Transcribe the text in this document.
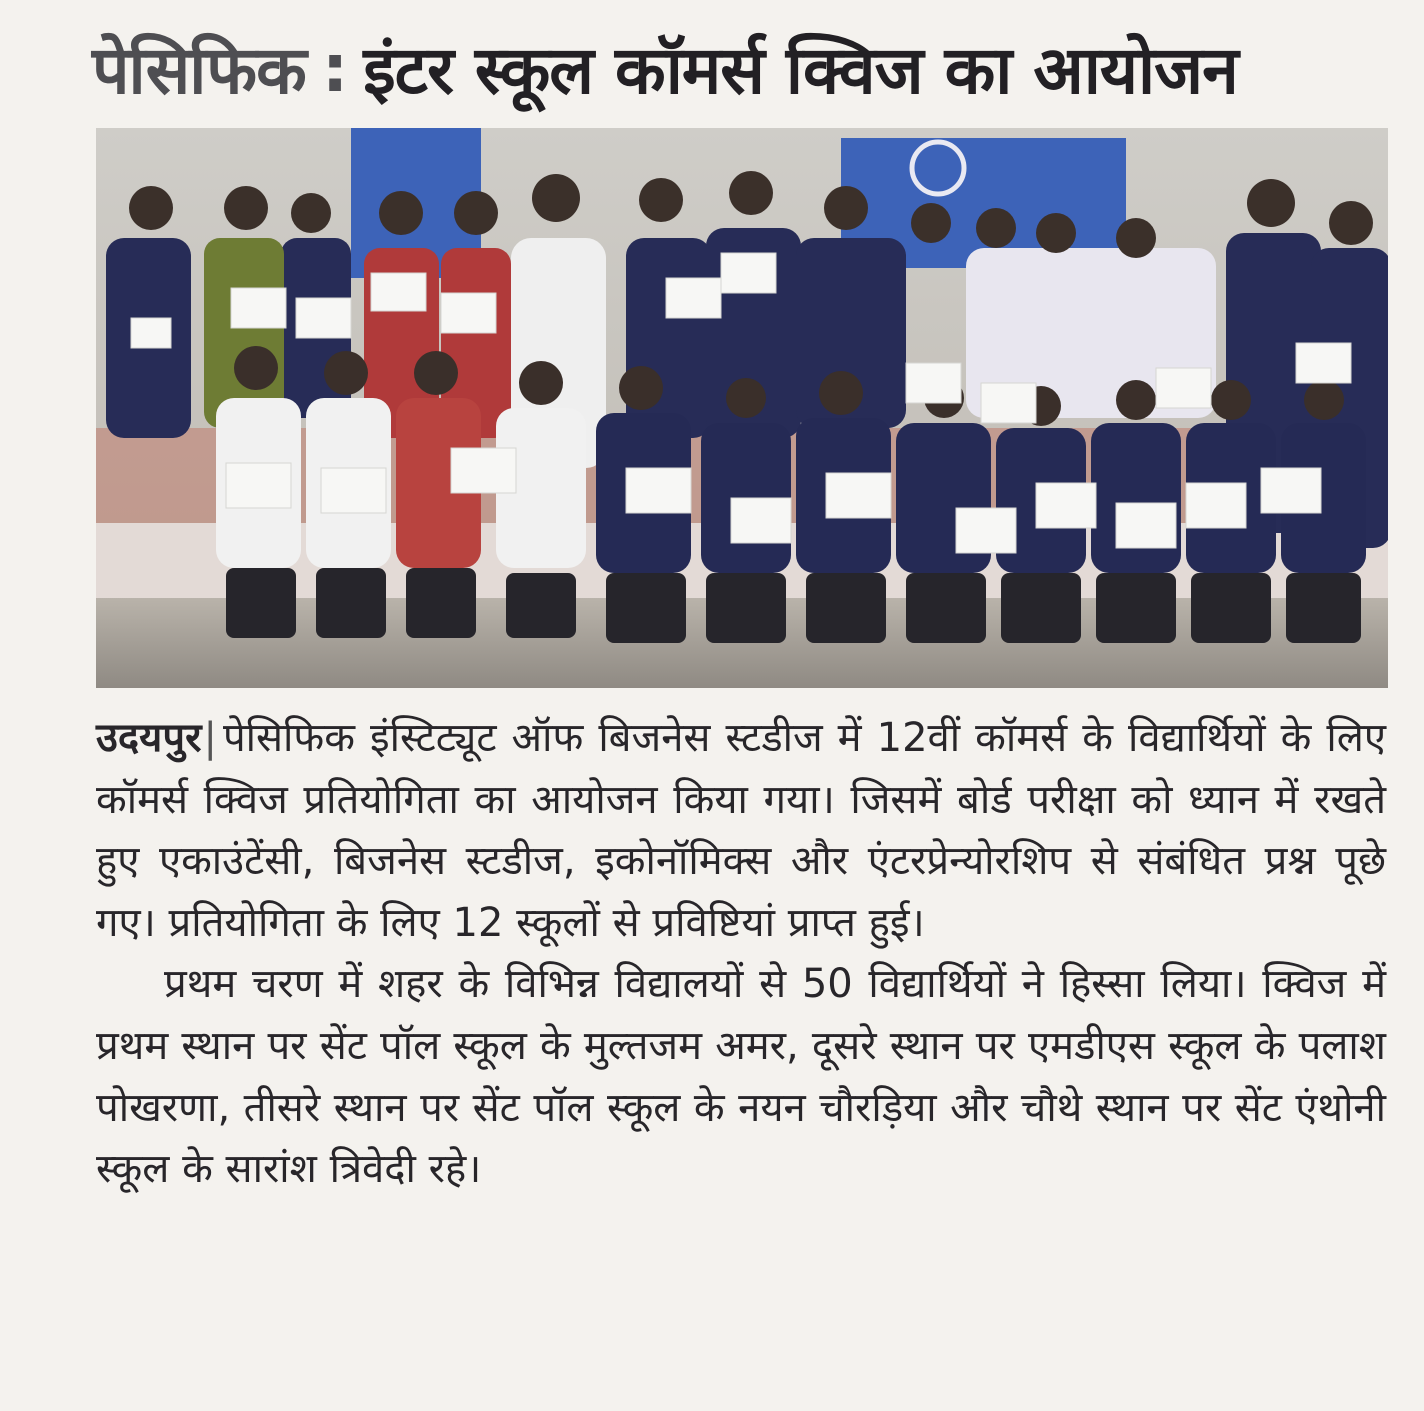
पेसिफिक : इंटर स्कूल कॉमर्स क्विज का आयोजन

उदयपुर| पेसिफिक इंस्टिट्यूट ऑफ बिजनेस स्टडीज में 12वीं कॉमर्स के विद्यार्थियों के लिए कॉमर्स क्विज प्रतियोगिता का आयोजन किया गया। जिसमें बोर्ड परीक्षा को ध्यान में रखते हुए एकाउंटेंसी, बिजनेस स्टडीज, इकोनॉमिक्स और एंटरप्रेन्योरशिप से संबंधित प्रश्न पूछे गए। प्रतियोगिता के लिए 12 स्कूलों से प्रविष्टियां प्राप्त हुई।

प्रथम चरण में शहर के विभिन्न विद्यालयों से 50 विद्यार्थियों ने हिस्सा लिया। क्विज में प्रथम स्थान पर सेंट पॉल स्कूल के मुल्तजम अमर, दूसरे स्थान पर एमडीएस स्कूल के पलाश पोखरणा, तीसरे स्थान पर सेंट पॉल स्कूल के नयन चौरड़िया और चौथे स्थान पर सेंट एंथोनी स्कूल के सारांश त्रिवेदी रहे।
